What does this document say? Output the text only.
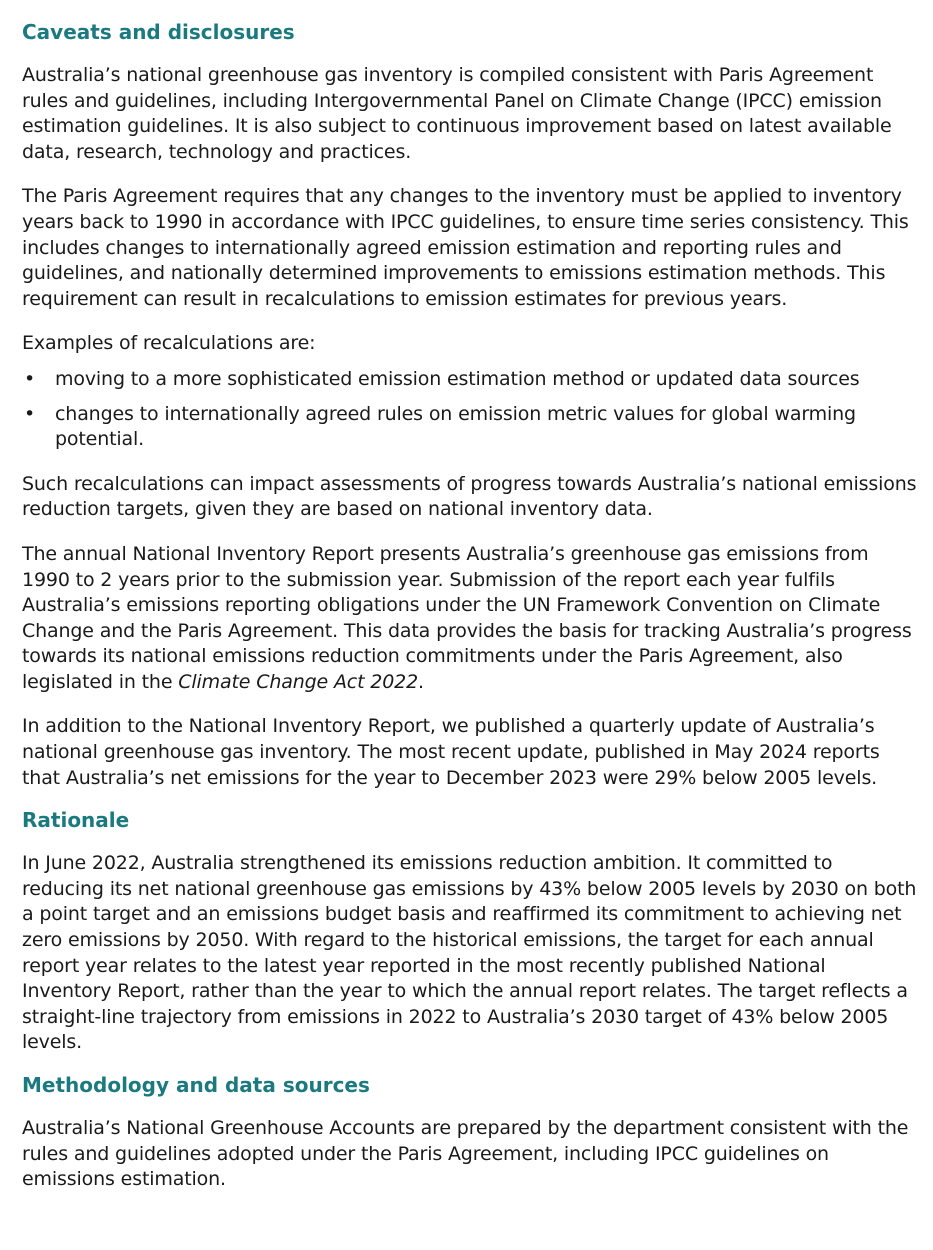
Caveats and disclosures

Australia’s national greenhouse gas inventory is compiled consistent with Paris Agreement rules and guidelines, including Intergovernmental Panel on Climate Change (IPCC) emission estimation guidelines. It is also subject to continuous improvement based on latest available data, research, technology and practices.

The Paris Agreement requires that any changes to the inventory must be applied to inventory years back to 1990 in accordance with IPCC guidelines, to ensure time series consistency. This includes changes to internationally agreed emission estimation and reporting rules and guidelines, and nationally determined improvements to emissions estimation methods. This requirement can result in recalculations to emission estimates for previous years.

Examples of recalculations are:

• moving to a more sophisticated emission estimation method or updated data sources
• changes to internationally agreed rules on emission metric values for global warming potential.

Such recalculations can impact assessments of progress towards Australia’s national emissions reduction targets, given they are based on national inventory data.

The annual National Inventory Report presents Australia’s greenhouse gas emissions from 1990 to 2 years prior to the submission year. Submission of the report each year fulfils Australia’s emissions reporting obligations under the UN Framework Convention on Climate Change and the Paris Agreement. This data provides the basis for tracking Australia’s progress towards its national emissions reduction commitments under the Paris Agreement, also legislated in the Climate Change Act 2022.

In addition to the National Inventory Report, we published a quarterly update of Australia’s national greenhouse gas inventory. The most recent update, published in May 2024 reports that Australia’s net emissions for the year to December 2023 were 29% below 2005 levels.

Rationale

In June 2022, Australia strengthened its emissions reduction ambition. It committed to reducing its net national greenhouse gas emissions by 43% below 2005 levels by 2030 on both a point target and an emissions budget basis and reaffirmed its commitment to achieving net zero emissions by 2050. With regard to the historical emissions, the target for each annual report year relates to the latest year reported in the most recently published National Inventory Report, rather than the year to which the annual report relates. The target reflects a straight-line trajectory from emissions in 2022 to Australia’s 2030 target of 43% below 2005 levels.

Methodology and data sources

Australia’s National Greenhouse Accounts are prepared by the department consistent with the rules and guidelines adopted under the Paris Agreement, including IPCC guidelines on emissions estimation.
